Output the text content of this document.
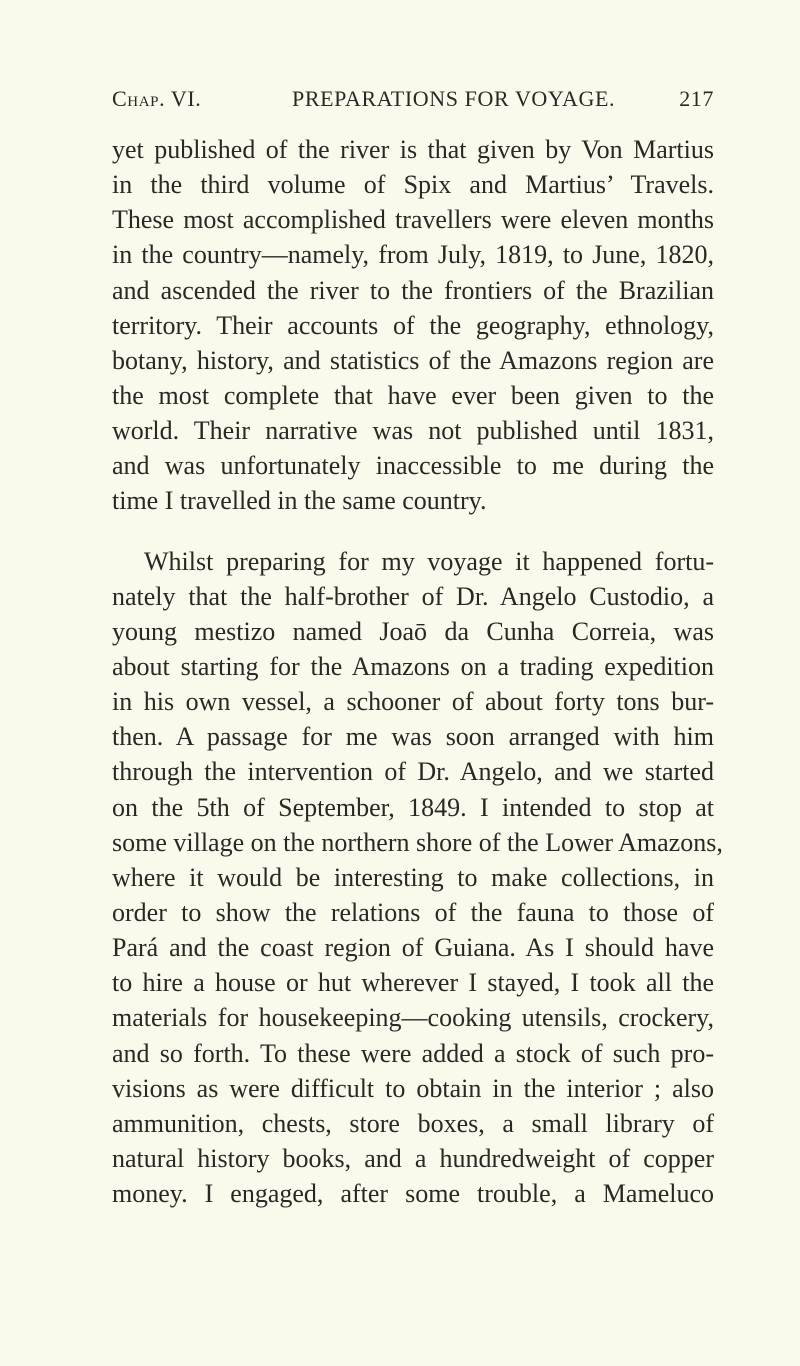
Chap. VI.	PREPARATIONS FOR VOYAGE.	217
yet published of the river is that given by Von Martius
in the third volume of Spix and Martius’ Travels.
These most accomplished travellers were eleven months
in the country—namely, from July, 1819, to June, 1820,
and ascended the river to the frontiers of the Brazilian
territory. Their accounts of the geography, ethnology,
botany, history, and statistics of the Amazons region are
the most complete that have ever been given to the
world. Their narrative was not published until 1831,
and was unfortunately inaccessible to me during the
time I travelled in the same country.
Whilst preparing for my voyage it happened fortu-
nately that the half-brother of Dr. Angelo Custodio, a
young mestizo named Joaō da Cunha Correia, was
about starting for the Amazons on a trading expedition
in his own vessel, a schooner of about forty tons bur-
then. A passage for me was soon arranged with him
through the intervention of Dr. Angelo, and we started
on the 5th of September, 1849. I intended to stop at
some village on the northern shore of the Lower Amazons,
where it would be interesting to make collections, in
order to show the relations of the fauna to those of
Pará and the coast region of Guiana. As I should have
to hire a house or hut wherever I stayed, I took all the
materials for housekeeping—cooking utensils, crockery,
and so forth. To these were added a stock of such pro-
visions as were difficult to obtain in the interior ; also
ammunition, chests, store boxes, a small library of
natural history books, and a hundredweight of copper
money. I engaged, after some trouble, a Mameluco
